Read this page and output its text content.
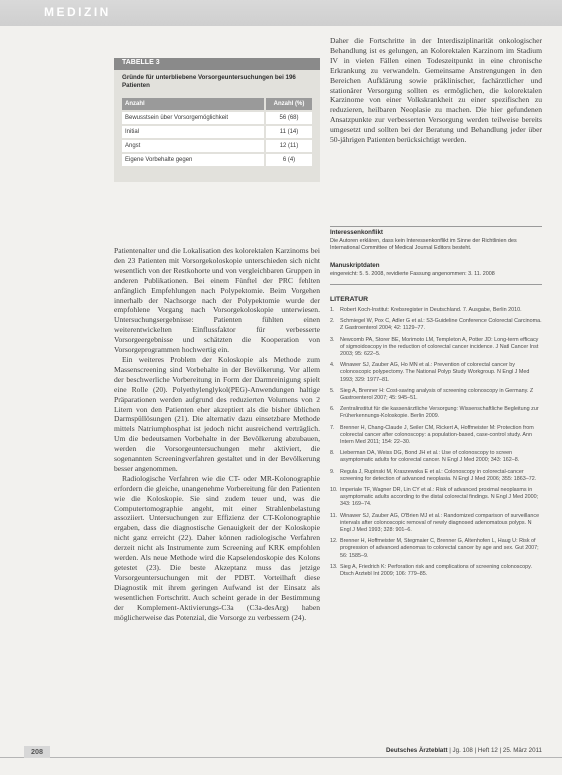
MEDIZIN
TABELLE 3
Gründe für unterbliebene Vorsorgeuntersuchungen bei 196 Patienten
Anzahl	Anzahl (%)
Bewusstsein über Vorsorgemöglichkeit	56 (68)
Initial	11 (14)
Angst	12 (11)
Eigene Vorbehalte gegen	6 (4)

Patientenalter und die Lokalisation des kolorektalen Karzinoms bei den 23 Patienten mit Vorsorgekoloskopie unterschieden sich nicht wesentlich von der Restkohorte und von vergleichbaren Gruppen in anderen Publikationen. Bei einem Fünftel der PRC fehlten anfänglich Empfehlungen nach Polypektomie. Beim Vorgehen innerhalb der Nachsorge nach der Polypektomie wurde der empfohlene Vorgang nach Vorsorgekoloskopie unterwiesen. Untersuchungsergebnisse: Patienten fühlten einen weiterentwickelten Einflussfaktor für verbesserte Vorsorgeergebnisse und schätzten die Kooperation von Vorsorgeprogrammen hochwertig ein.

Ein weiteres Problem der Koloskopie als Methode zum Massenscreening sind Vorbehalte in der Bevölkerung. Vor allem der beschwerliche Vorbereitung in Form der Darmreinigung spielt eine Rolle (20). Polyethylenglykol(PEG)-Anwendungen haltige Präparationen werden aufgrund des reduzierten Volumens von 2 Litern von den Patienten eher akzeptiert als die bisher üblichen Darmspüllösungen (21). Die alternativ dazu einsetzbare Methode mittels Natriumphosphat ist jedoch nicht ausreichend verträglich. Um die bedeutsamen Vorbehalte in der Bevölkerung abzubauen, werden die Vorsorgeuntersuchungen mehr aktiviert, die sogenannten Screeningverfahren gestaltet und in der Bevölkerung besser angenommen.

Radiologische Verfahren wie die CT- oder MR-Kolonographie erfordern die gleiche, unangenehme Vorbereitung für den Patienten wie die Koloskopie. Sie sind zudem teuer und, was die Computertomographie angeht, mit einer Strahlenbelastung assoziiert. Untersuchungen zur Effizienz der CT-Kolonographie ergaben, dass die diagnostische Genauigkeit der der Koloskopie nicht ganz erreicht (22). Daher können radiologische Verfahren derzeit nicht als Instrumente zum Screening auf KRK empfohlen werden. Als neue Methode wird die Kapselendoskopie des Kolons getestet (23). Die beste Akzeptanz muss das jetzige Vorsorgeuntersuchungen mit der PDBT. Vorteilhaft diese Diagnostik mit ihrem geringen Aufwand ist der Einsatz als wesentlichen Fortschritt. Auch scheint gerade in der Bestimmung der Komplement-Aktivierungs-C3a (C3a-desArg) haben möglicherweise das Potenzial, die Vorsorge zu verbessern (24).

Daher die Fortschritte in der Interdisziplinarität onkologischer Behandlung ist es gelungen, an Kolorektalen Karzinom im Stadium IV in vielen Fällen einen Todeszeitpunkt in eine chronische Erkrankung zu verwandeln. Gemeinsame Anstrengungen in den Bereichen Aufklärung sowie präklinischer, fachärztlicher und stationärer Versorgung sollten es ermöglichen, die kolorektalen Karzinome von einer Volkskrankheit zu einer spezifischen zu reduzieren, heilbaren Neoplasie zu machen. Die hier gefundenen Ansatzpunkte zur verbesserten Versorgung werden teilweise bereits umgesetzt und sollten bei der Beratung und Behandlung jeder über 50-jährigen Patienten berücksichtigt werden.

Interessenkonflikt
Die Autoren erklären, dass kein Interessenkonflikt im Sinne der Richtlinien des International Committee of Medical Journal Editors besteht.
Manuskriptdaten
eingereicht: 5. 5. 2008, revidierte Fassung angenommen: 3. 11. 2008
LITERATUR
1.	Robert Koch-Institut: Krebsregister in Deutschland. 7. Ausgabe, Berlin 2010.
2.	Schmiegel W, Pox C, Adler G et al.: S3-Guideline Conference Colorectal Carcinoma. Z Gastroenterol 2004; 42: 1129–77.
3.	Newcomb PA, Storer BE, Morimoto LM, Templeton A, Potter JD: Long-term efficacy of sigmoidoscopy in the reduction of colorectal cancer incidence. J Natl Cancer Inst 2003; 95: 622–5.
4.	Winawer SJ, Zauber AG, Ho MN et al.: Prevention of colorectal cancer by colonoscopic polypectomy. The National Polyp Study Workgroup. N Engl J Med 1993; 329: 1977–81.
5.	Sieg A, Brenner H: Cost-saving analysis of screening colonoscopy in Germany. Z Gastroenterol 2007; 45: 945–51.
6.	Zentralinstitut für die kassenärztliche Versorgung: Wissenschaftliche Begleitung zur Früherkennungs-Koloskopie. Berlin 2009.
7.	Brenner H, Chang-Claude J, Seiler CM, Rickert A, Hoffmeister M: Protection from colorectal cancer after colonoscopy: a population-based, case-control study. Ann Intern Med 2011; 154: 22–30.
8.	Lieberman DA, Weiss DG, Bond JH et al.: Use of colonoscopy to screen asymptomatic adults for colorectal cancer. N Engl J Med 2000; 343: 162–8.
9.	Regula J, Rupinski M, Kraszewska E et al.: Colonoscopy in colorectal-cancer screening for detection of advanced neoplasia. N Engl J Med 2006; 355: 1863–72.
10. Imperiale TF, Wagner DR, Lin CY et al.: Risk of advanced proximal neoplasms in asymptomatic adults according to the distal colorectal findings. N Engl J Med 2000; 343: 169–74.
11. Winawer SJ, Zauber AG, O'Brien MJ et al.: Randomized comparison of surveillance intervals after colonoscopic removal of newly diagnosed adenomatous polyps. N Engl J Med 1993; 328: 901–6.
12. Brenner H, Hoffmeister M, Stegmaier C, Brenner G, Altenhofen L, Haug U: Risk of progression of advanced adenomas to colorectal cancer by age and sex. Gut 2007; 56: 1585–9.
13. Sieg A, Friedrich K: Perforation risk and complications of screening colonoscopy. Dtsch Arztebl Int 2009; 106: 779–85.
208	Deutsches Ärzteblatt | Jg. 108 | Heft 12 | 25. März 2011
